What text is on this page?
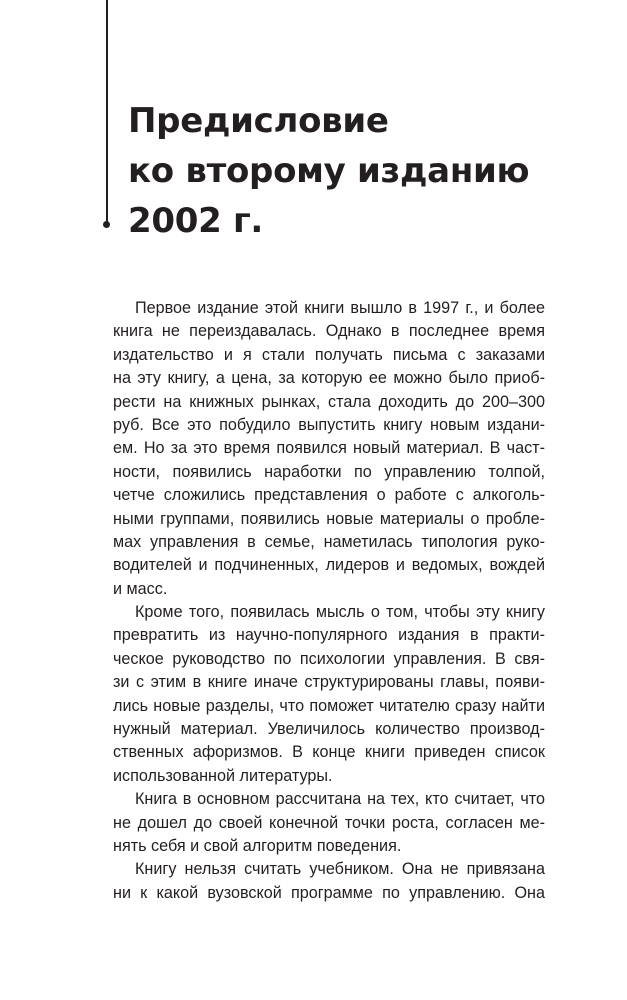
Предисловие
ко второму изданию
2002 г.
Первое издание этой книги вышло в 1997 г., и более
книга не переиздавалась. Однако в последнее время
издательство и я стали получать письма с заказами
на эту книгу, а цена, за которую ее можно было приоб-
рести на книжных рынках, стала доходить до 200–300
руб. Все это побудило выпустить книгу новым издани-
ем. Но за это время появился новый материал. В част-
ности, появились наработки по управлению толпой,
четче сложились представления о работе с алкоголь-
ными группами, появились новые материалы о пробле-
мах управления в семье, наметилась типология руко-
водителей и подчиненных, лидеров и ведомых, вождей
и масс.
Кроме того, появилась мысль о том, чтобы эту книгу
превратить из научно-популярного издания в практи-
ческое руководство по психологии управления. В свя-
зи с этим в книге иначе структурированы главы, появи-
лись новые разделы, что поможет читателю сразу найти
нужный материал. Увеличилось количество производ-
ственных афоризмов. В конце книги приведен список
использованной литературы.
Книга в основном рассчитана на тех, кто считает, что
не дошел до своей конечной точки роста, согласен ме-
нять себя и свой алгоритм поведения.
Книгу нельзя считать учебником. Она не привязана
ни к какой вузовской программе по управлению. Она
